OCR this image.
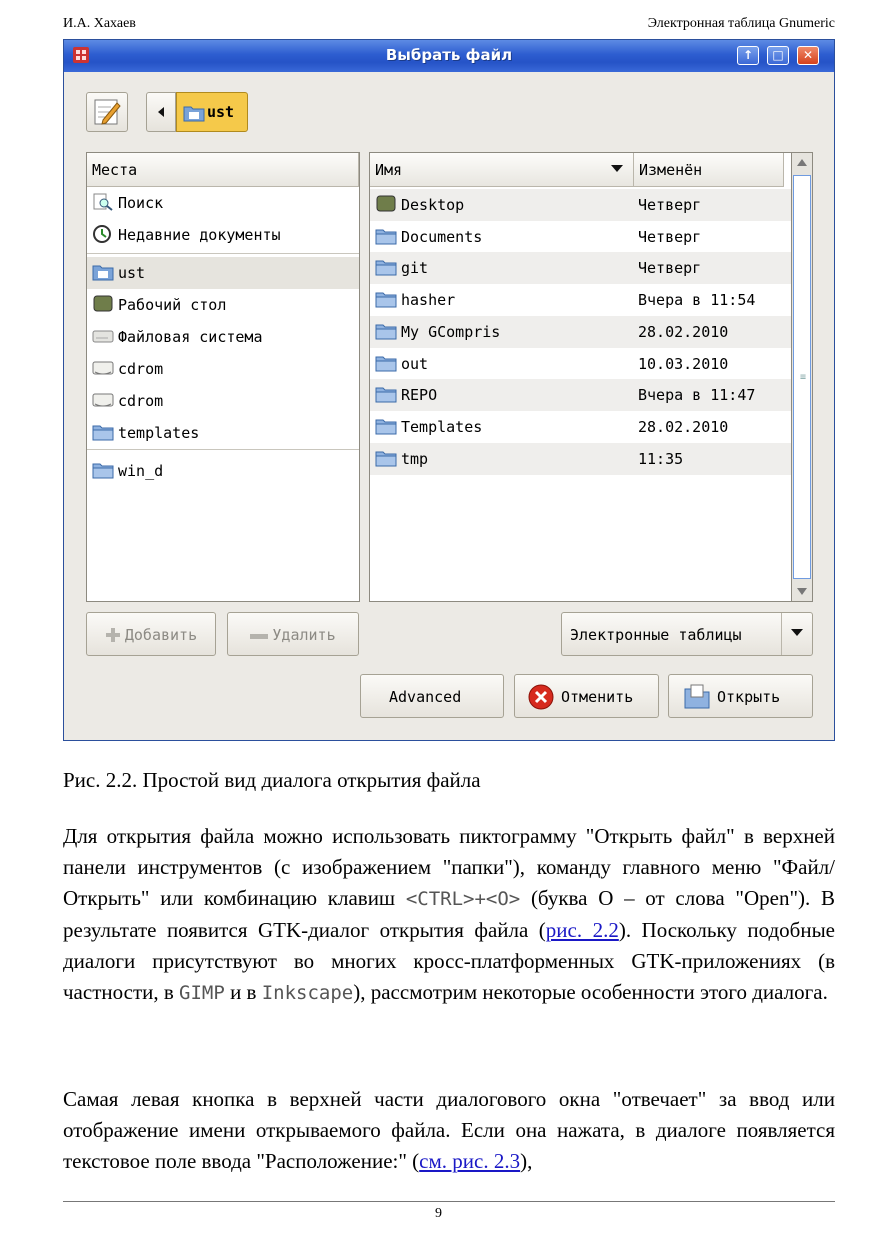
И.А. Хахаев	Электронная таблица Gnumeric
Выбрать файл	↑	□	✕
ust
Места
Поиск
Недавние документы
ust
Рабочий стол
Файловая система
cdrom
cdrom
templates
win_d
Имя	Изменён
Desktop	Четверг
Documents	Четверг
git	Четверг
hasher	Вчера в 11:54
My GCompris	28.02.2010
out	10.03.2010
REPO	Вчера в 11:47
Templates	28.02.2010
tmp	11:35
≡
Добавить	Удалить	Электронные таблицы
Advanced	Отменить	Открыть
Рис. 2.2. Простой вид диалога открытия файла

Для открытия файла можно использовать пиктограмму "Открыть файл" в верхней панели инструментов (с изображением "папки"), команду главного меню "Файл/Открыть" или комбинацию клавиш <CTRL>+<O> (буква O – от слова "Open"). В результате появится GTK-диалог открытия файла (рис. 2.2). Поскольку подобные диалоги присутствуют во многих кросс-платформенных GTK-приложениях (в частности, в GIMP и в Inkscape), рассмотрим некоторые особенности этого диалога.

Самая левая кнопка в верхней части диалогового окна "отвечает" за ввод или отображение имени открываемого файла. Если она нажата, в диалоге появляется текстовое поле ввода "Расположение:" (см. рис. 2.3),

9
